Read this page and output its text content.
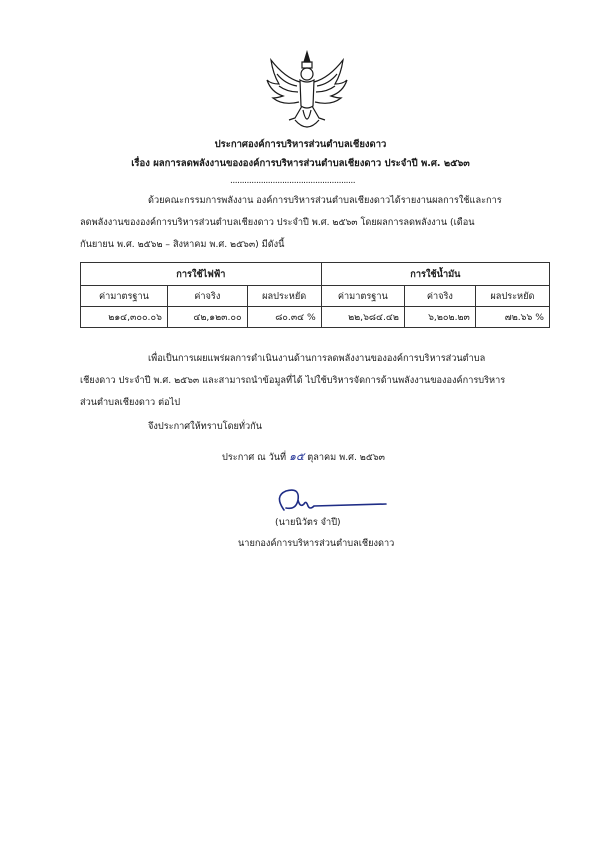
ประกาศองค์การบริหารส่วนตำบลเชียงดาว
เรื่อง ผลการลดพลังงานขององค์การบริหารส่วนตำบลเชียงดาว ประจำปี พ.ศ. ๒๕๖๓
.....................................................
ด้วยคณะกรรมการพลังงาน องค์การบริหารส่วนตำบลเชียงดาวได้รายงานผลการใช้และการ
ลดพลังงานขององค์การบริหารส่วนตำบลเชียงดาว ประจำปี พ.ศ. ๒๕๖๓ โดยผลการลดพลังงาน (เดือน
กันยายน พ.ศ. ๒๕๖๒ – สิงหาคม พ.ศ. ๒๕๖๓) มีดังนี้
การใช้ไฟฟ้า			การใช้น้ำมัน		
ค่ามาตรฐาน	ค่าจริง	ผลประหยัด	ค่ามาตรฐาน	ค่าจริง	ผลประหยัด
๒๑๔,๓๐๐.๐๖	๔๒,๑๒๓.๐๐	๘๐.๓๔ %	๒๒,๖๘๔.๔๒	๖,๒๐๒.๒๓	๗๒.๖๖ %
เพื่อเป็นการเผยแพร่ผลการดำเนินงานด้านการลดพลังงานขององค์การบริหารส่วนตำบล
เชียงดาว ประจำปี พ.ศ. ๒๕๖๓ และสามารถนำข้อมูลที่ได้ ไปใช้บริหารจัดการด้านพลังงานขององค์การบริหาร
ส่วนตำบลเชียงดาว ต่อไป
จึงประกาศให้ทราบโดยทั่วกัน
ประกาศ ณ วันที่ ๑๕ ตุลาคม พ.ศ. ๒๕๖๓
(นายนิวัตร จำปี)
นายกองค์การบริหารส่วนตำบลเชียงดาว
